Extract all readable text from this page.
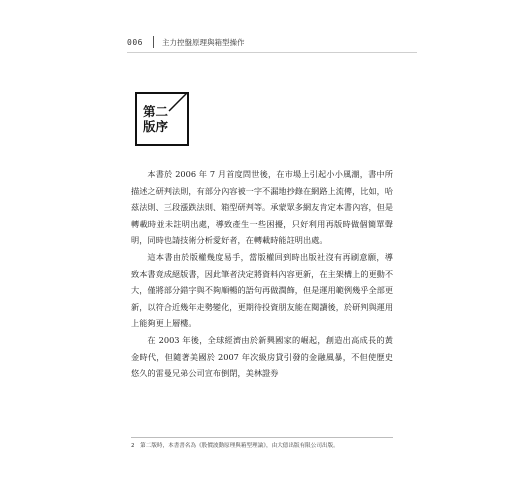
006	主力控盤原理與箱型操作
第二
版序

本書於 2006 年 7 月首度問世後，在市場上引起小小風潮，書中所描述之研判法則，有部分內容被一字不漏地抄錄在網路上流傳，比如，哈茲法則、三段漲跌法則、箱型研判等。承蒙眾多網友肯定本書內容，但是轉載時並未註明出處，導致產生一些困擾，只好利用再版時做個簡單聲明，同時也請技術分析愛好者，在轉載時能註明出處。

這本書由於版權幾度易手，當版權回到時出版社沒有再刷意願，導致本書竟成絕版書，因此筆者決定將資料內容更新，在主架構上的更動不大，僅將部分錯字與不夠順暢的語句再做潤飾，但是運用範例幾乎全部更新，以符合近幾年走勢變化，更期待投資朋友能在閱讀後，於研判與運用上能夠更上層樓。

在 2003 年後，全球經濟由於新興國家的崛起，創造出高成長的黃金時代，但隨著美國於 2007 年次級房貸引發的金融風暴，不但使歷史悠久的雷曼兄弟公司宣布倒閉，美林證券

2　第二版時，本書書名為《股價波動原理與箱型理論》，由大億出版有限公司出版。
